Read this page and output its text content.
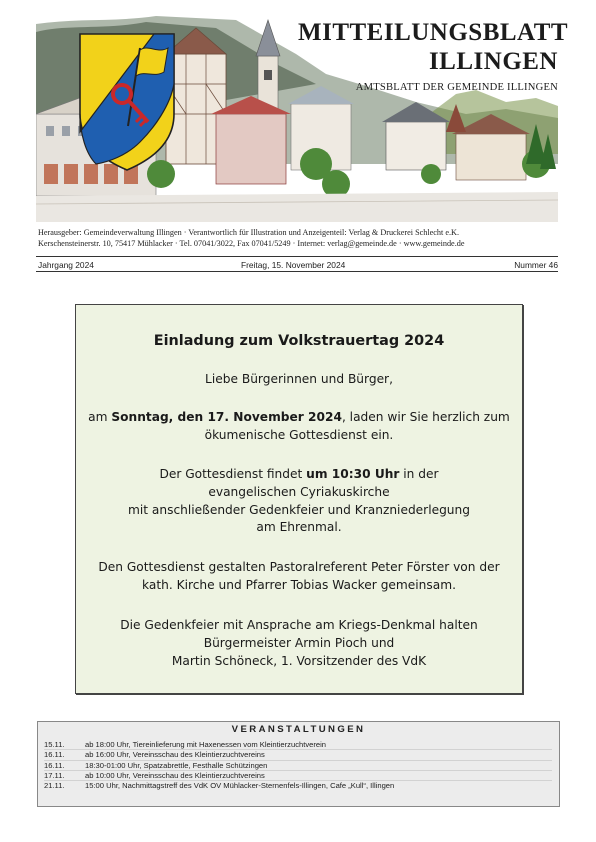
MITTEILUNGSBLATT
ILLINGEN
AMTSBLATT DER GEMEINDE ILLINGEN
Herausgeber: Gemeindeverwaltung Illingen · Verantwortlich für Illustration und Anzeigenteil: Verlag & Druckerei Schlecht e.K.
Kerschensteinerstr. 10, 75417 Mühlacker · Tel. 07041/3022, Fax 07041/5249 · Internet: verlag@gemeinde.de · www.gemeinde.de
Jahrgang 2024	Freitag, 15. November 2024	Nummer 46
Einladung zum Volkstrauertag 2024
Liebe Bürgerinnen und Bürger,
am Sonntag, den 17. November 2024, laden wir Sie herzlich zum
ökumenische Gottesdienst ein.
Der Gottesdienst findet um 10:30 Uhr in der
evangelischen Cyriakuskirche
mit anschließender Gedenkfeier und Kranzniederlegung
am Ehrenmal.
Den Gottesdienst gestalten Pastoralreferent Peter Förster von der
kath. Kirche und Pfarrer Tobias Wacker gemeinsam.
Die Gedenkfeier mit Ansprache am Kriegs-Denkmal halten
Bürgermeister Armin Pioch und
Martin Schöneck, 1. Vorsitzender des VdK
VERANSTALTUNGEN
15.11.	ab 18:00 Uhr, Tiereinlieferung mit Haxenessen vom Kleintierzuchtverein
16.11.	ab 16:00 Uhr, Vereinsschau des Kleintierzuchtvereins
16.11.	18:30-01:00 Uhr, Spatzabrettle, Festhalle Schützingen
17.11.	ab 10:00 Uhr, Vereinsschau des Kleintierzuchtvereins
21.11.	15:00 Uhr, Nachmittagstreff des VdK OV Mühlacker-Sternenfels-Illingen, Cafe „Kull“, Illingen
